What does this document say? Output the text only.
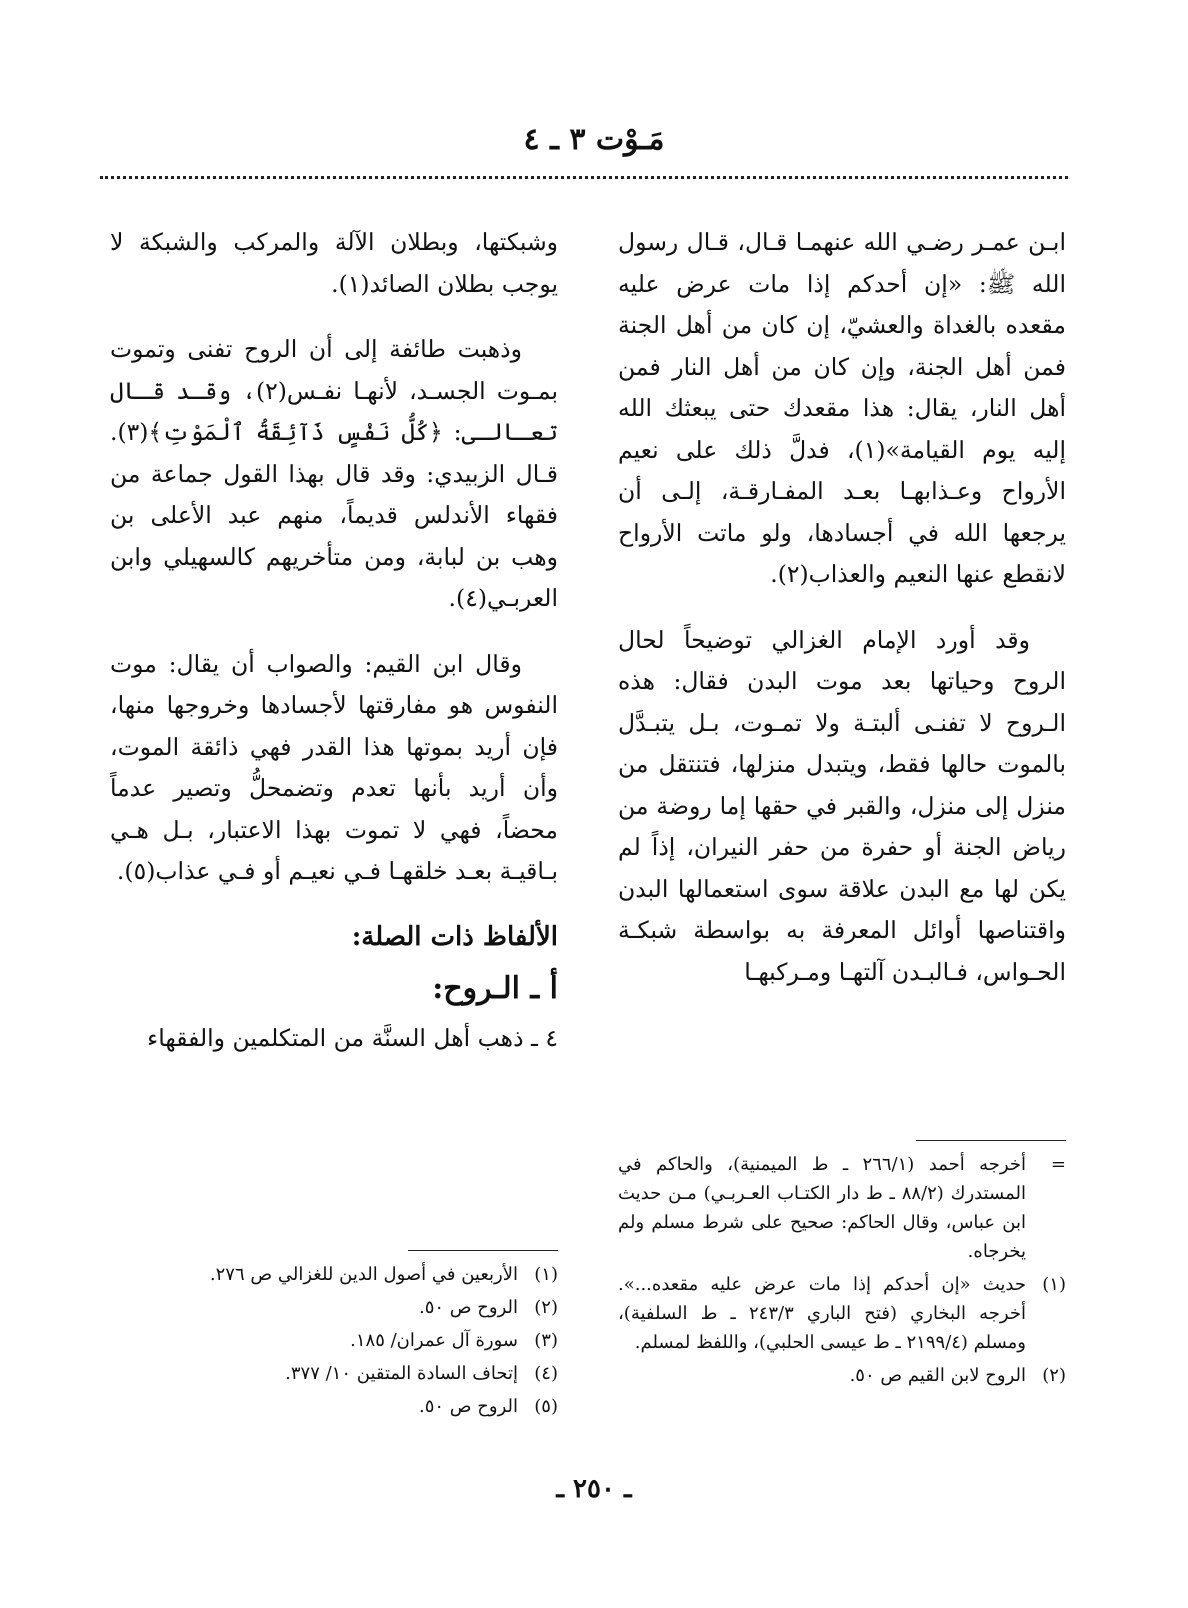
مَـوْت ٣ ـ ٤

ابـن عمـر رضـي الله عنهمـا قـال، قـال رسول الله ﷺ: «إن أحدكم إذا مات عرض عليه مقعده بالغداة والعشيّ، إن كان من أهل الجنة فمن أهل الجنة، وإن كان من أهل النار فمن أهل النار، يقال: هذا مقعدك حتى يبعثك الله إليه يوم القيامة»(١)، فدلَّ ذلك على نعيم الأرواح وعـذابهـا بعـد المفـارقـة، إلـى أن يرجعها الله في أجسادها، ولو ماتت الأرواح لانقطع عنها النعيم والعذاب(٢).

وقد أورد الإمام الغزالي توضيحاً لحال الروح وحياتها بعد موت البدن فقال: هذه الـروح لا تفنـى ألبتـة ولا تمـوت، بـل يتبـدَّل بالموت حالها فقط، ويتبدل منزلها، فتنتقل من منزل إلى منزل، والقبر في حقها إما روضة من رياض الجنة أو حفرة من حفر النيران، إذاً لم يكن لها مع البدن علاقة سوى استعمالها البدن واقتناصها أوائل المعرفة به بواسطة شبكـة الحـواس، فـالبـدن آلتهـا ومـركبهـا

وشبكتها، وبطلان الآلة والمركب والشبكة لا يوجب بطلان الصائد(١).

وذهبت طائفة إلى أن الروح تفنى وتموت بمـوت الجسـد، لأنهـا نفـس(٢)، وقـد قـال تعـالـى: ﴿كُلُّ نَفْسٍ ذَآئِقَةُ ٱلْمَوْتِ﴾(٣). قـال الزبيدي: وقد قال بهذا القول جماعة من فقهاء الأندلس قديماً، منهم عبد الأعلى بن وهب بن لبابة، ومن متأخريهم كالسهيلي وابن العربـي(٤).

وقال ابن القيم: والصواب أن يقال: موت النفوس هو مفارقتها لأجسادها وخروجها منها، فإن أريد بموتها هذا القدر فهي ذائقة الموت، وأن أريد بأنها تعدم وتضمحلُّ وتصير عدماً محضاً، فهي لا تموت بهذا الاعتبار، بـل هـي بـاقيـة بعـد خلقهـا فـي نعيـم أو فـي عذاب(٥).

الألفاظ ذات الصلة:
أ ـ الـروح:

٤ ـ ذهب أهل السنَّة من المتكلمين والفقهاء

=
أخرجه أحمد (٢٦٦/١ ـ ط الميمنية)، والحاكم في المستدرك (٨٨/٢ ـ ط دار الكتـاب العـربـي) مـن حديث ابن عباس، وقال الحاكم: صحيح على شرط مسلم ولم يخرجاه.
(١)
حديث «إن أحدكم إذا مات عرض عليه مقعده...». أخرجه البخاري (فتح الباري ٢٤٣/٣ ـ ط السلفية)، ومسلم (٢١٩٩/٤ ـ ط عيسى الحلبي)، واللفظ لمسلم.
(٢)
الروح لابن القيم ص ٥٠.
(١)
الأربعين في أصول الدين للغزالي ص ٢٧٦.
(٢)
الروح ص ٥٠.
(٣)
سورة آل عمران/ ١٨٥.
(٤)
إتحاف السادة المتقين ١٠/ ٣٧٧.
(٥)
الروح ص ٥٠.
ـ ٢٥٠ ـ
